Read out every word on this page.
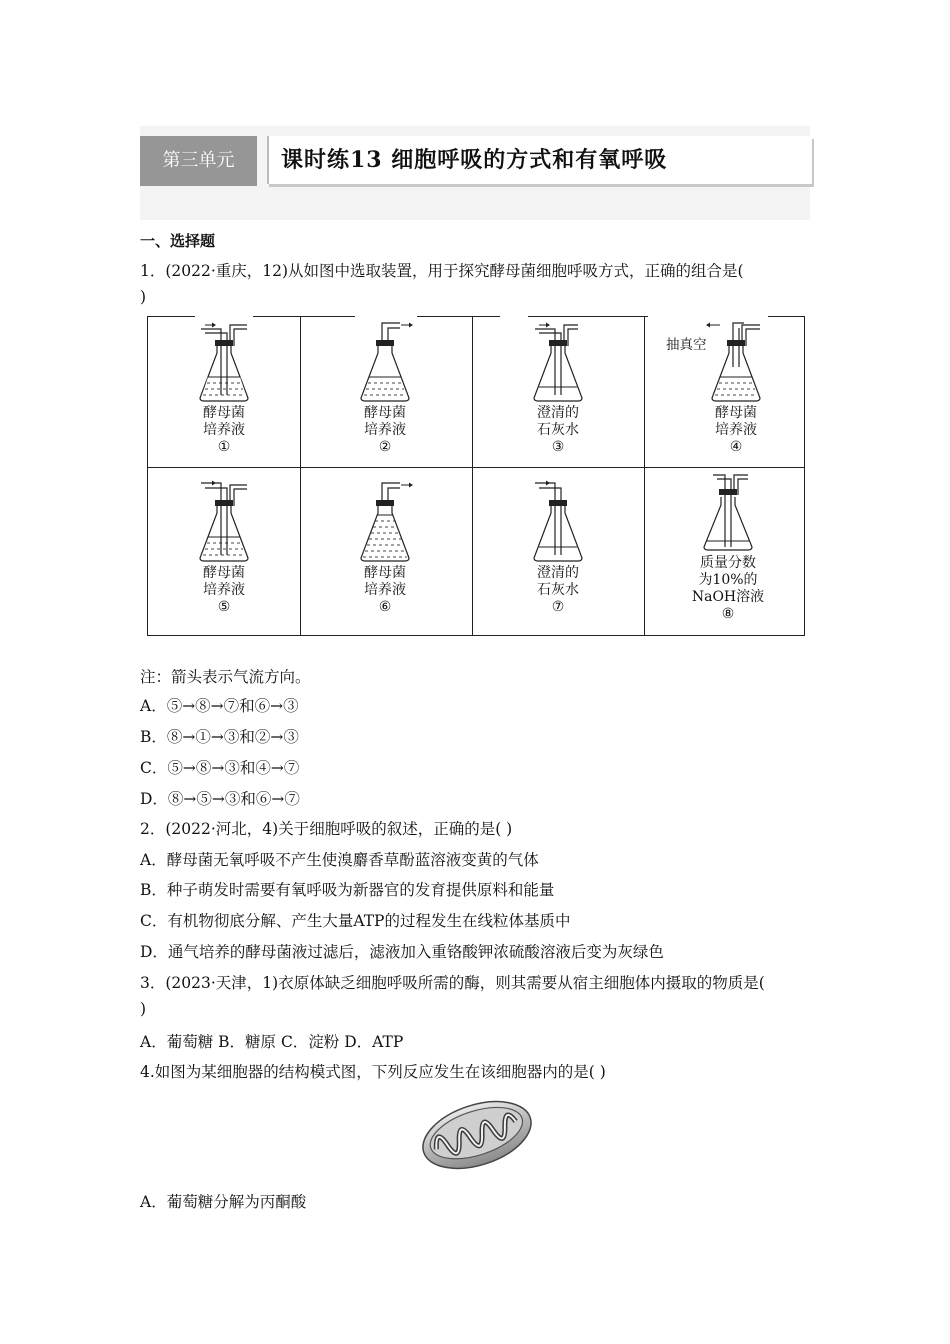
第三单元	课时练13 细胞呼吸的方式和有氧呼吸
一、选择题
1．(2022·重庆，12)从如图中选取装置，用于探究酵母菌细胞呼吸方式，正确的组合是(
)
酵母菌
培养液
①
酵母菌
培养液
②
澄清的
石灰水
③
抽真空
酵母菌
培养液
④
酵母菌
培养液
⑤
酵母菌
培养液
⑥
澄清的
石灰水
⑦
质量分数
为10%的
NaOH溶液
⑧
注：箭头表示气流方向。
A．⑤→⑧→⑦和⑥→③
B．⑧→①→③和②→③
C．⑤→⑧→③和④→⑦
D．⑧→⑤→③和⑥→⑦
2．(2022·河北，4)关于细胞呼吸的叙述，正确的是( )
A．酵母菌无氧呼吸不产生使溴麝香草酚蓝溶液变黄的气体
B．种子萌发时需要有氧呼吸为新器官的发育提供原料和能量
C．有机物彻底分解、产生大量ATP的过程发生在线粒体基质中
D．通气培养的酵母菌液过滤后，滤液加入重铬酸钾浓硫酸溶液后变为灰绿色
3．(2023·天津，1)衣原体缺乏细胞呼吸所需的酶，则其需要从宿主细胞体内摄取的物质是(
)
A．葡萄糖 B．糖原 C．淀粉 D．ATP
4.如图为某细胞器的结构模式图，下列反应发生在该细胞器内的是( )
A．葡萄糖分解为丙酮酸
